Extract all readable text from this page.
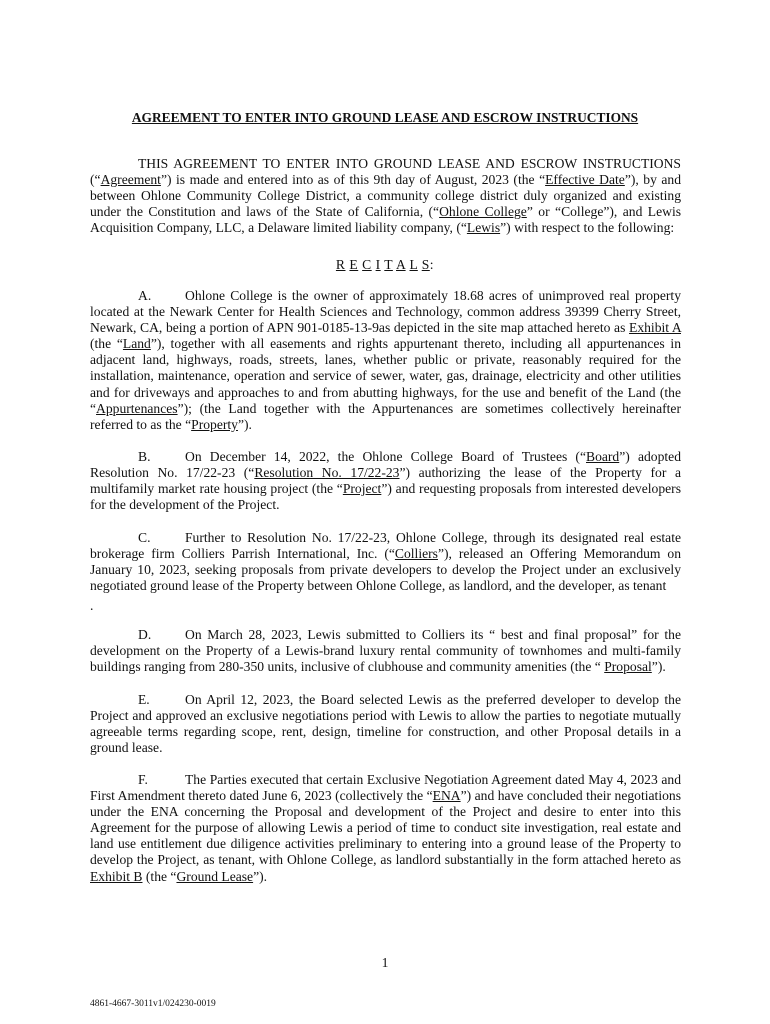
AGREEMENT TO ENTER INTO GROUND LEASE AND ESCROW INSTRUCTIONS

THIS AGREEMENT TO ENTER INTO GROUND LEASE AND ESCROW INSTRUCTIONS (“Agreement”) is made and entered into as of this 9th day of August, 2023 (the “Effective Date”), by and between Ohlone Community College District, a community college district duly organized and existing under the Constitution and laws of the State of California, (“Ohlone College” or “College”), and Lewis Acquisition Company, LLC, a Delaware limited liability company, (“Lewis”) with respect to the following:

R E C I T A L S:

A. Ohlone College is the owner of approximately 18.68 acres of unimproved real property located at the Newark Center for Health Sciences and Technology, common address 39399 Cherry Street, Newark, CA, being a portion of APN 901-0185-13-9as depicted in the site map attached hereto as Exhibit A (the “Land”), together with all easements and rights appurtenant thereto, including all appurtenances in adjacent land, highways, roads, streets, lanes, whether public or private, reasonably required for the installation, maintenance, operation and service of sewer, water, gas, drainage, electricity and other utilities and for driveways and approaches to and from abutting highways, for the use and benefit of the Land (the “Appurtenances”); (the Land together with the Appurtenances are sometimes collectively hereinafter referred to as the “Property”).

B.	On December 14, 2022, the Ohlone College Board of Trustees (“Board”) adopted Resolution No. 17/22-23 (“Resolution No. 17/22-23”) authorizing the lease of the Property for a multifamily market rate housing project (the “Project”) and requesting proposals from interested developers for the development of the Project.

C.	Further to Resolution No. 17/22-23, Ohlone College, through its designated real estate brokerage firm Colliers Parrish International, Inc. (“Colliers”), released an Offering Memorandum on January 10, 2023, seeking proposals from private developers to develop the Project under an exclusively negotiated ground lease of the Property between Ohlone College, as landlord, and the developer, as tenant

.

D. On March 28, 2023, Lewis submitted to Colliers its “ best and final proposal” for the development on the Property of a Lewis-brand luxury rental community of townhomes and multi-family buildings ranging from 280-350 units, inclusive of clubhouse and community amenities (the “ Proposal”).

E.	On April 12, 2023, the Board selected Lewis as the preferred developer to develop the Project and approved an exclusive negotiations period with Lewis to allow the parties to negotiate mutually agreeable terms regarding scope, rent, design, timeline for construction, and other Proposal details in a ground lease.

F.	The Parties executed that certain Exclusive Negotiation Agreement dated May 4, 2023 and First Amendment thereto dated June 6, 2023 (collectively the “ENA”) and have concluded their negotiations under the ENA concerning the Proposal and development of the Project and desire to enter into this Agreement for the purpose of allowing Lewis a period of time to conduct site investigation, real estate and land use entitlement due diligence activities preliminary to entering into a ground lease of the Property to develop the Project, as tenant, with Ohlone College, as landlord substantially in the form attached hereto as Exhibit B (the “Ground Lease”).

1
4861-4667-3011v1/024230-0019
